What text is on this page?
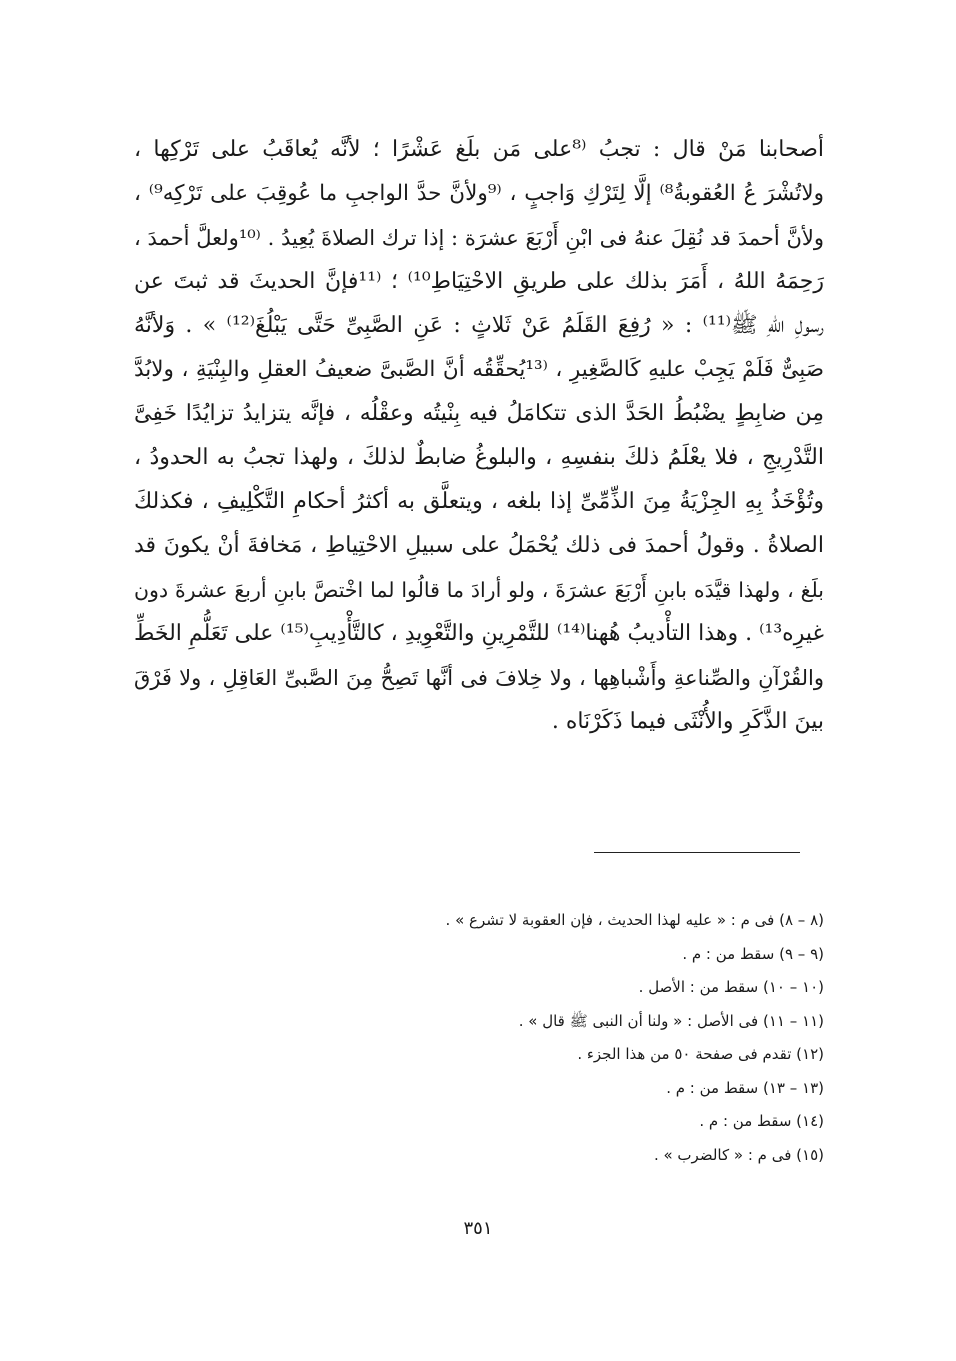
أصحابنا مَنْ قال : تجبُ ⁽⁸على مَن بلَغ عَشْرًا ؛ لأنَّه يُعاقَبُ على تَرْكِها ،
ولاتُشْرَ عُ العُقوبةُ⁸⁾ إلَّا لِتَرْكِ وَاجبٍ ، ⁽⁹ولأنَّ حدَّ الواجبِ ما عُوقِبَ على تَرْكِه⁹⁾ ،
ولأنَّ أحمدَ قد نُقِلَ عنهُ فى ابْنِ أَرْبَعَ عشرَة : إذا ترك الصلاةَ يُعِيدُ . ⁽¹⁰ولعلَّ أحمدَ ،
رَحِمَهُ اللهُ ، أَمَرَ بذلك على طريقِ الاحْتِيَاطِ¹⁰⁾ ؛ ⁽¹¹فإنَّ الحديثَ قد ثبتَ عن
رسولِ اللهِ ﷺ⁽¹¹⁾ : « رُفِعَ القَلَمُ عَنْ ثَلاثٍ : عَنِ الصَّبِىِّ حَتَّى يَبْلُغَ⁽¹²⁾ » . وَلأنَّهُ
صَبِىٌّ فَلَمْ يَجِبْ عليهِ كَالصَّغِيرِ ، ⁽¹³يُحقِّقُه أنَّ الصَّبىَّ ضعيفُ العقلِ والبِنْيَةِ ، ولابُدَّ
مِن ضابِطٍ يضْبُطُ الحَدَّ الذى تتكامَلُ فيه بِنْيتُه وعقْلُه ، فإنَّه يتزايدُ تزايُدًا خَفِىَّ
التَّدْرِيجِ ، فلا يعْلَمُ ذلكَ بنفسِهِ ، والبلوغُ ضابطٌ لذلكَ ، ولهذا تجبُ به الحدودُ ،
وتُؤْخَذُ بِهِ الجِزْيَةُ مِنَ الذِّمِّىِّ إذا بلغه ، ويتعلَّق به أكثرُ أحكامِ التَّكْلِيفِ ، فكذلكَ
الصلاةُ . وقولُ أحمدَ فى ذلك يُحْمَلُ على سبيلِ الاحْتِياطِ ، مَخافةَ أنْ يكونَ قد
بلَغ ، ولهذا قيَّدَه بابنِ أَرْبَعَ عشرَةَ ، ولو أرادَ ما قالُوا لما اخْتصَّ بابنِ أربعَ عشرةَ دون
غيرِه¹³⁾ . وهذا التأْديبُ هُهنا⁽¹⁴⁾ للتَّمْرِينِ والتَّعْوِيدِ ، كالتَّأْدِيبِ⁽¹⁵⁾ على تَعَلُّمِ الخَطِّ
والقُرْآنِ والصِّناعةِ وأَشْباهِها ، ولا خِلافَ فى أنَّها تَصِحُّ مِنَ الصَّبىِّ العَاقِلِ ، ولا فَرْقَ
بينَ الذَّكَرِ والأُنْثَى فيما ذَكَرْنَاه .
(٨ – ٨) فى م : « عليه لهذا الحديث ، فإن العقوبة لا تشرع » .
(٩ – ٩) سقط من : م .
(١٠ – ١٠) سقط من : الأصل .
(١١ – ١١) فى الأصل : « ولنا أن النبى ﷺ قال » .
(١٢) تقدم فى صفحة ٥٠ من هذا الجزء .
(١٣ – ١٣) سقط من : م .
(١٤) سقط من : م .
(١٥) فى م : « كالضرب » .
٣٥١
